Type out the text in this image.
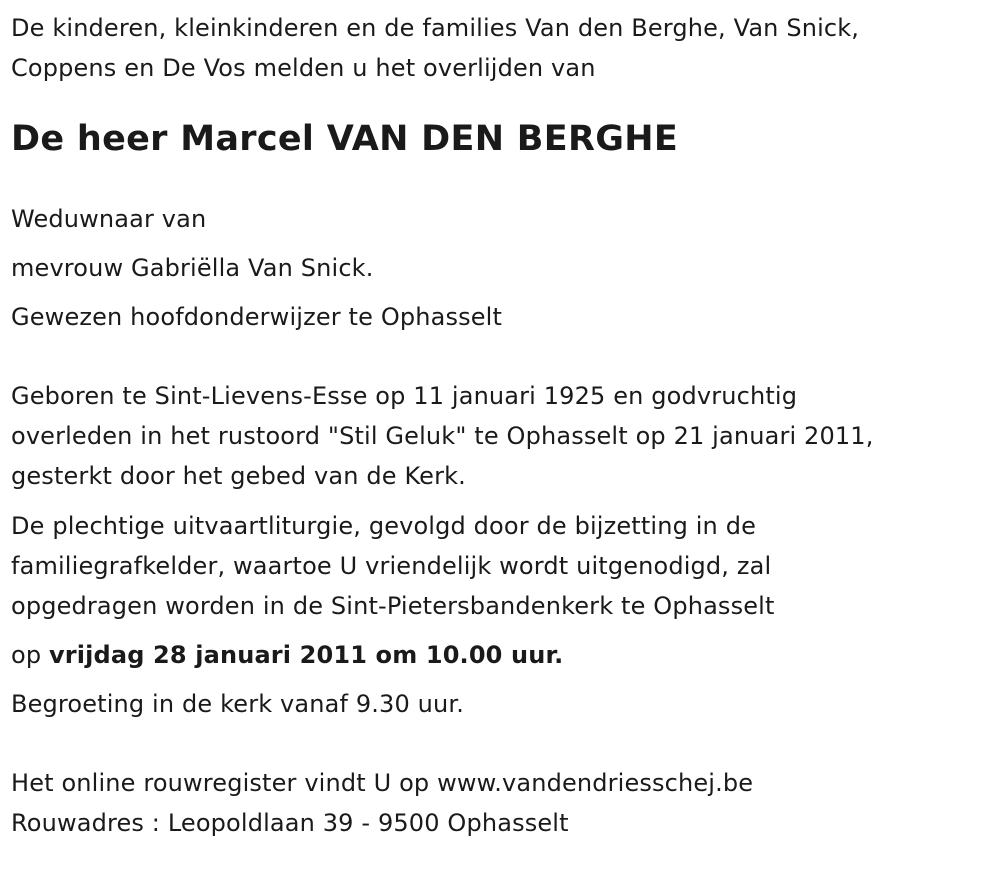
De kinderen, kleinkinderen en de families Van den Berghe, Van Snick,
Coppens en De Vos melden u het overlijden van
De heer Marcel VAN DEN BERGHE
Weduwnaar van
mevrouw Gabriëlla Van Snick.
Gewezen hoofdonderwijzer te Ophasselt
Geboren te Sint-Lievens-Esse op 11 januari 1925 en godvruchtig
overleden in het rustoord "Stil Geluk" te Ophasselt op 21 januari 2011,
gesterkt door het gebed van de Kerk.
De plechtige uitvaartliturgie, gevolgd door de bijzetting in de
familiegrafkelder, waartoe U vriendelijk wordt uitgenodigd, zal
opgedragen worden in de Sint-Pietersbandenkerk te Ophasselt
op vrijdag 28 januari 2011 om 10.00 uur.
Begroeting in de kerk vanaf 9.30 uur.
Het online rouwregister vindt U op www.vandendriesschej.be
Rouwadres : Leopoldlaan 39 - 9500 Ophasselt
